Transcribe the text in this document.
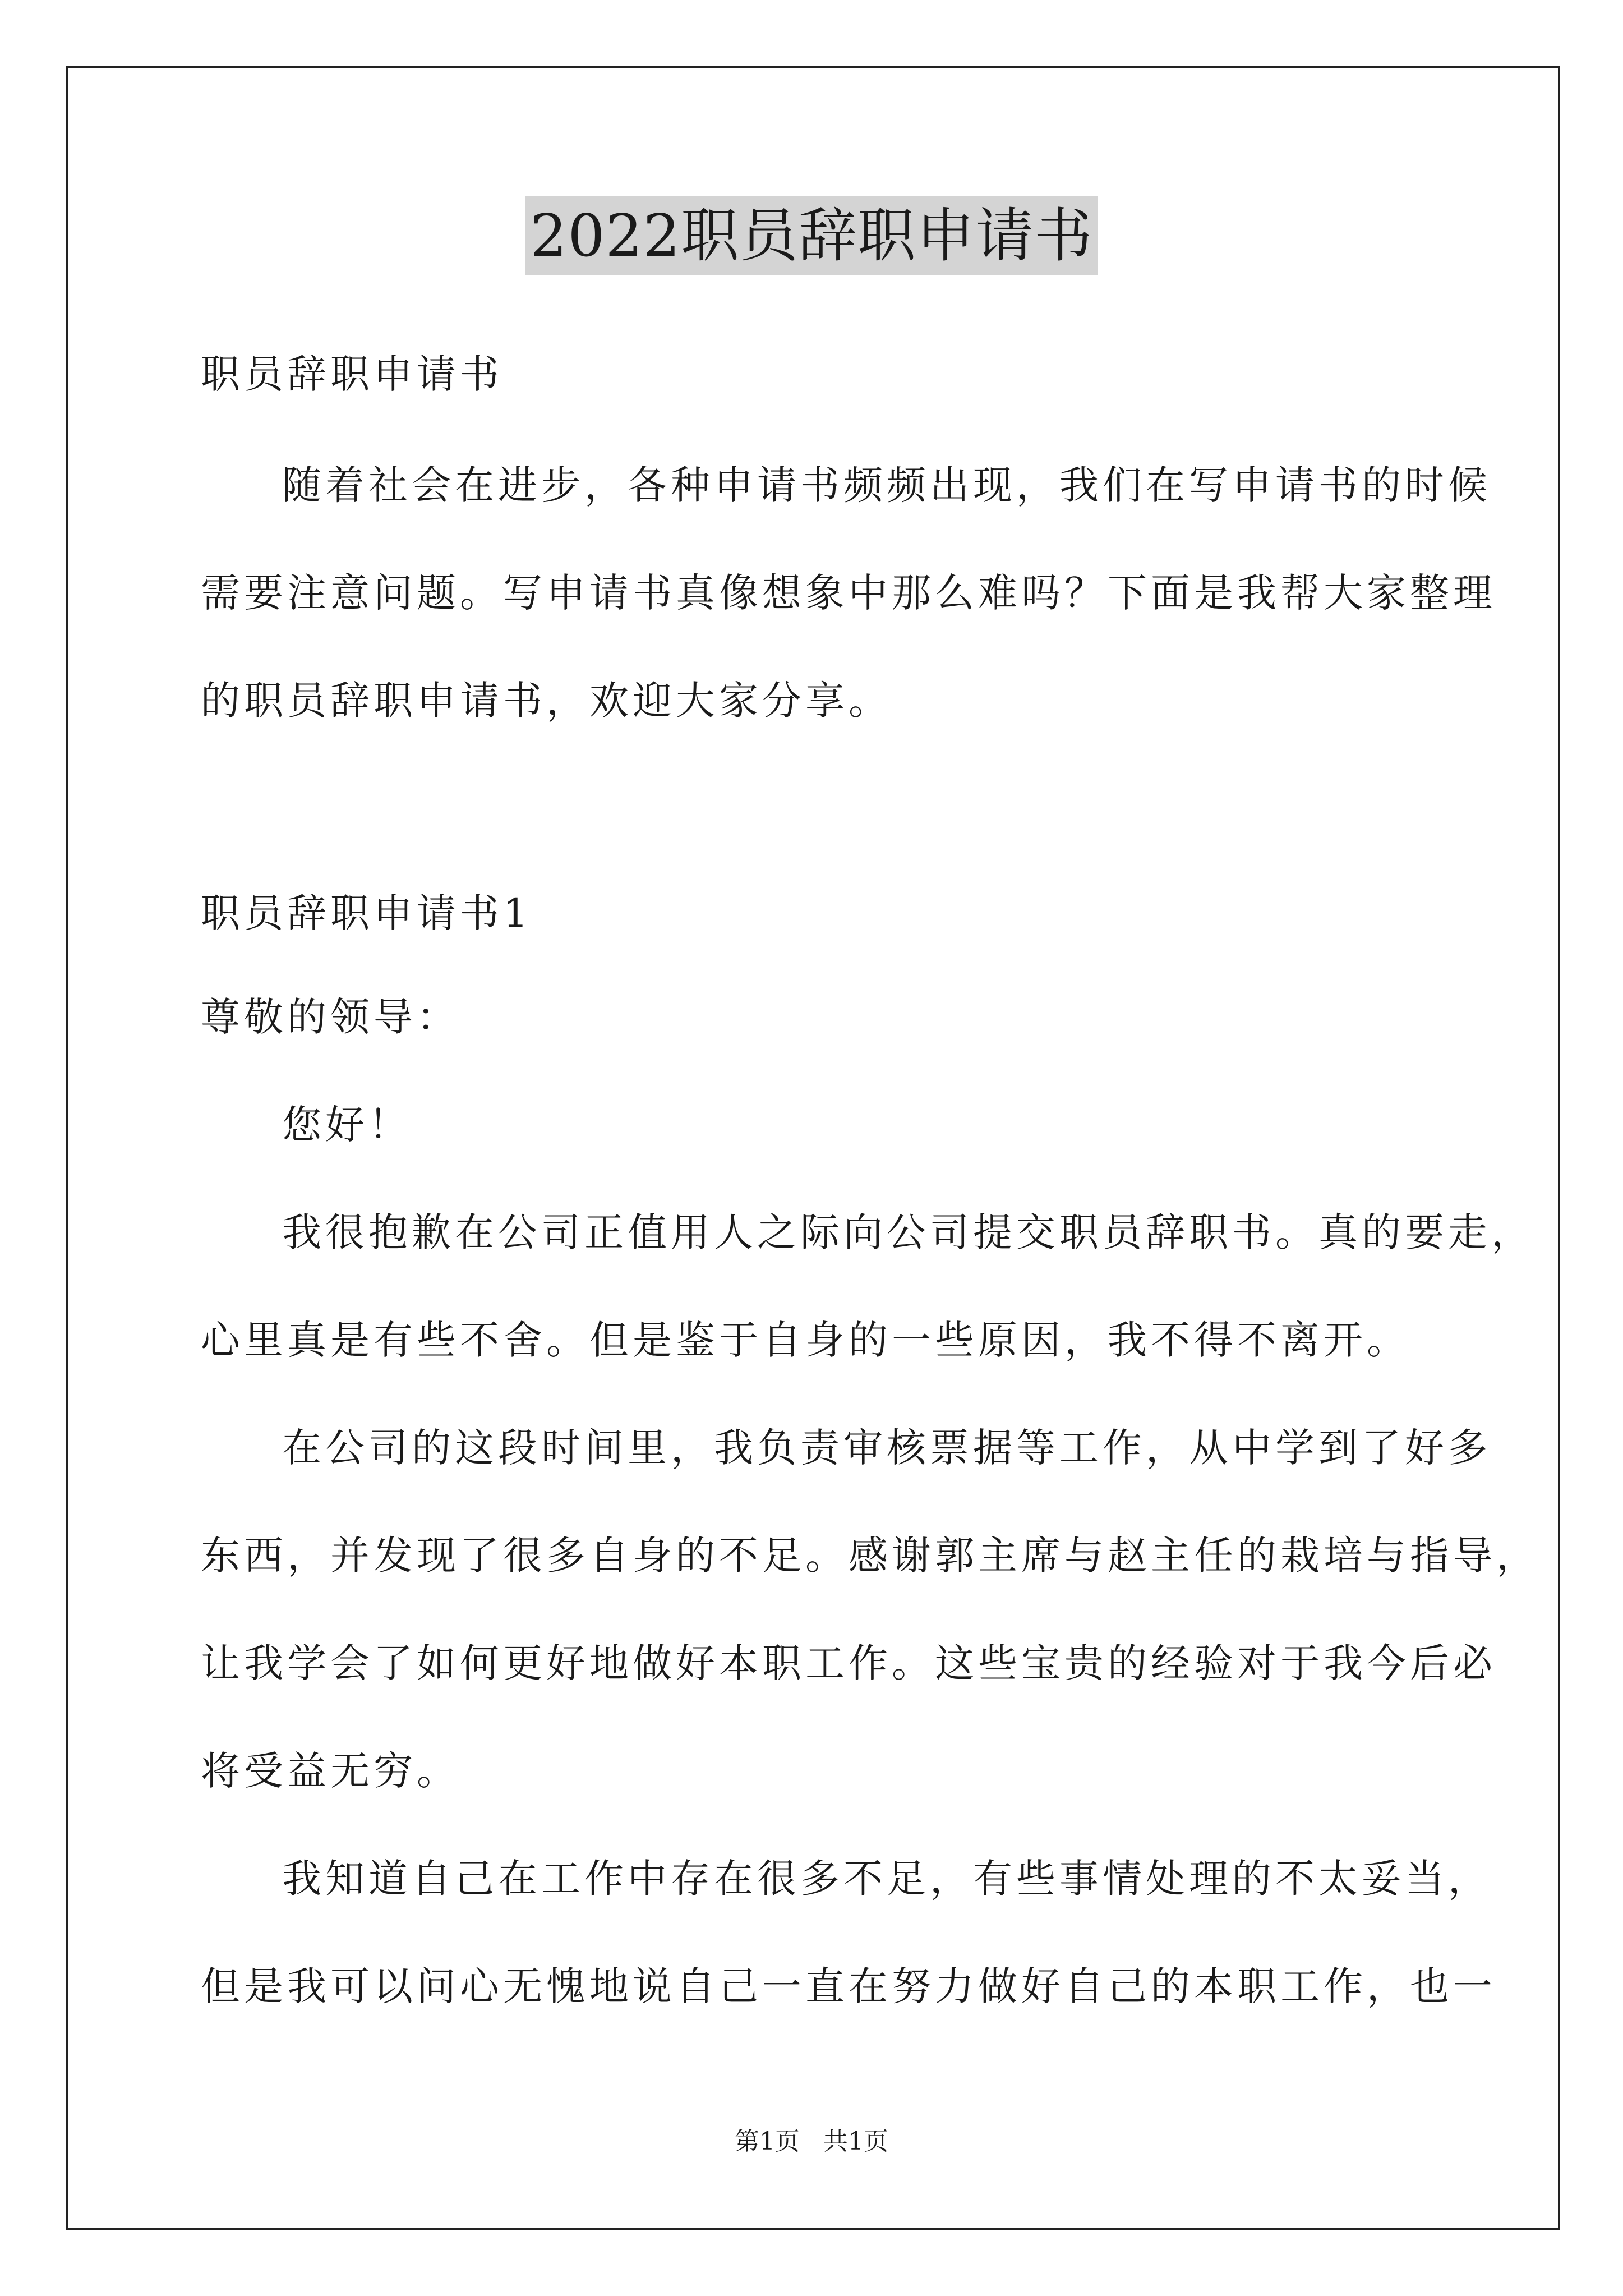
2022职员辞职申请书
职员辞职申请书
随着社会在进步，各种申请书频频出现，我们在写申请书的时候
需要注意问题。写申请书真像想象中那么难吗？下面是我帮大家整理
的职员辞职申请书，欢迎大家分享。
职员辞职申请书1
尊敬的领导：
您好！
我很抱歉在公司正值用人之际向公司提交职员辞职书。真的要走，
心里真是有些不舍。但是鉴于自身的一些原因，我不得不离开。
在公司的这段时间里，我负责审核票据等工作，从中学到了好多
东西，并发现了很多自身的不足。感谢郭主席与赵主任的栽培与指导，
让我学会了如何更好地做好本职工作。这些宝贵的经验对于我今后必
将受益无穷。
我知道自己在工作中存在很多不足，有些事情处理的不太妥当，
但是我可以问心无愧地说自己一直在努力做好自己的本职工作，也一
第1页 共1页
